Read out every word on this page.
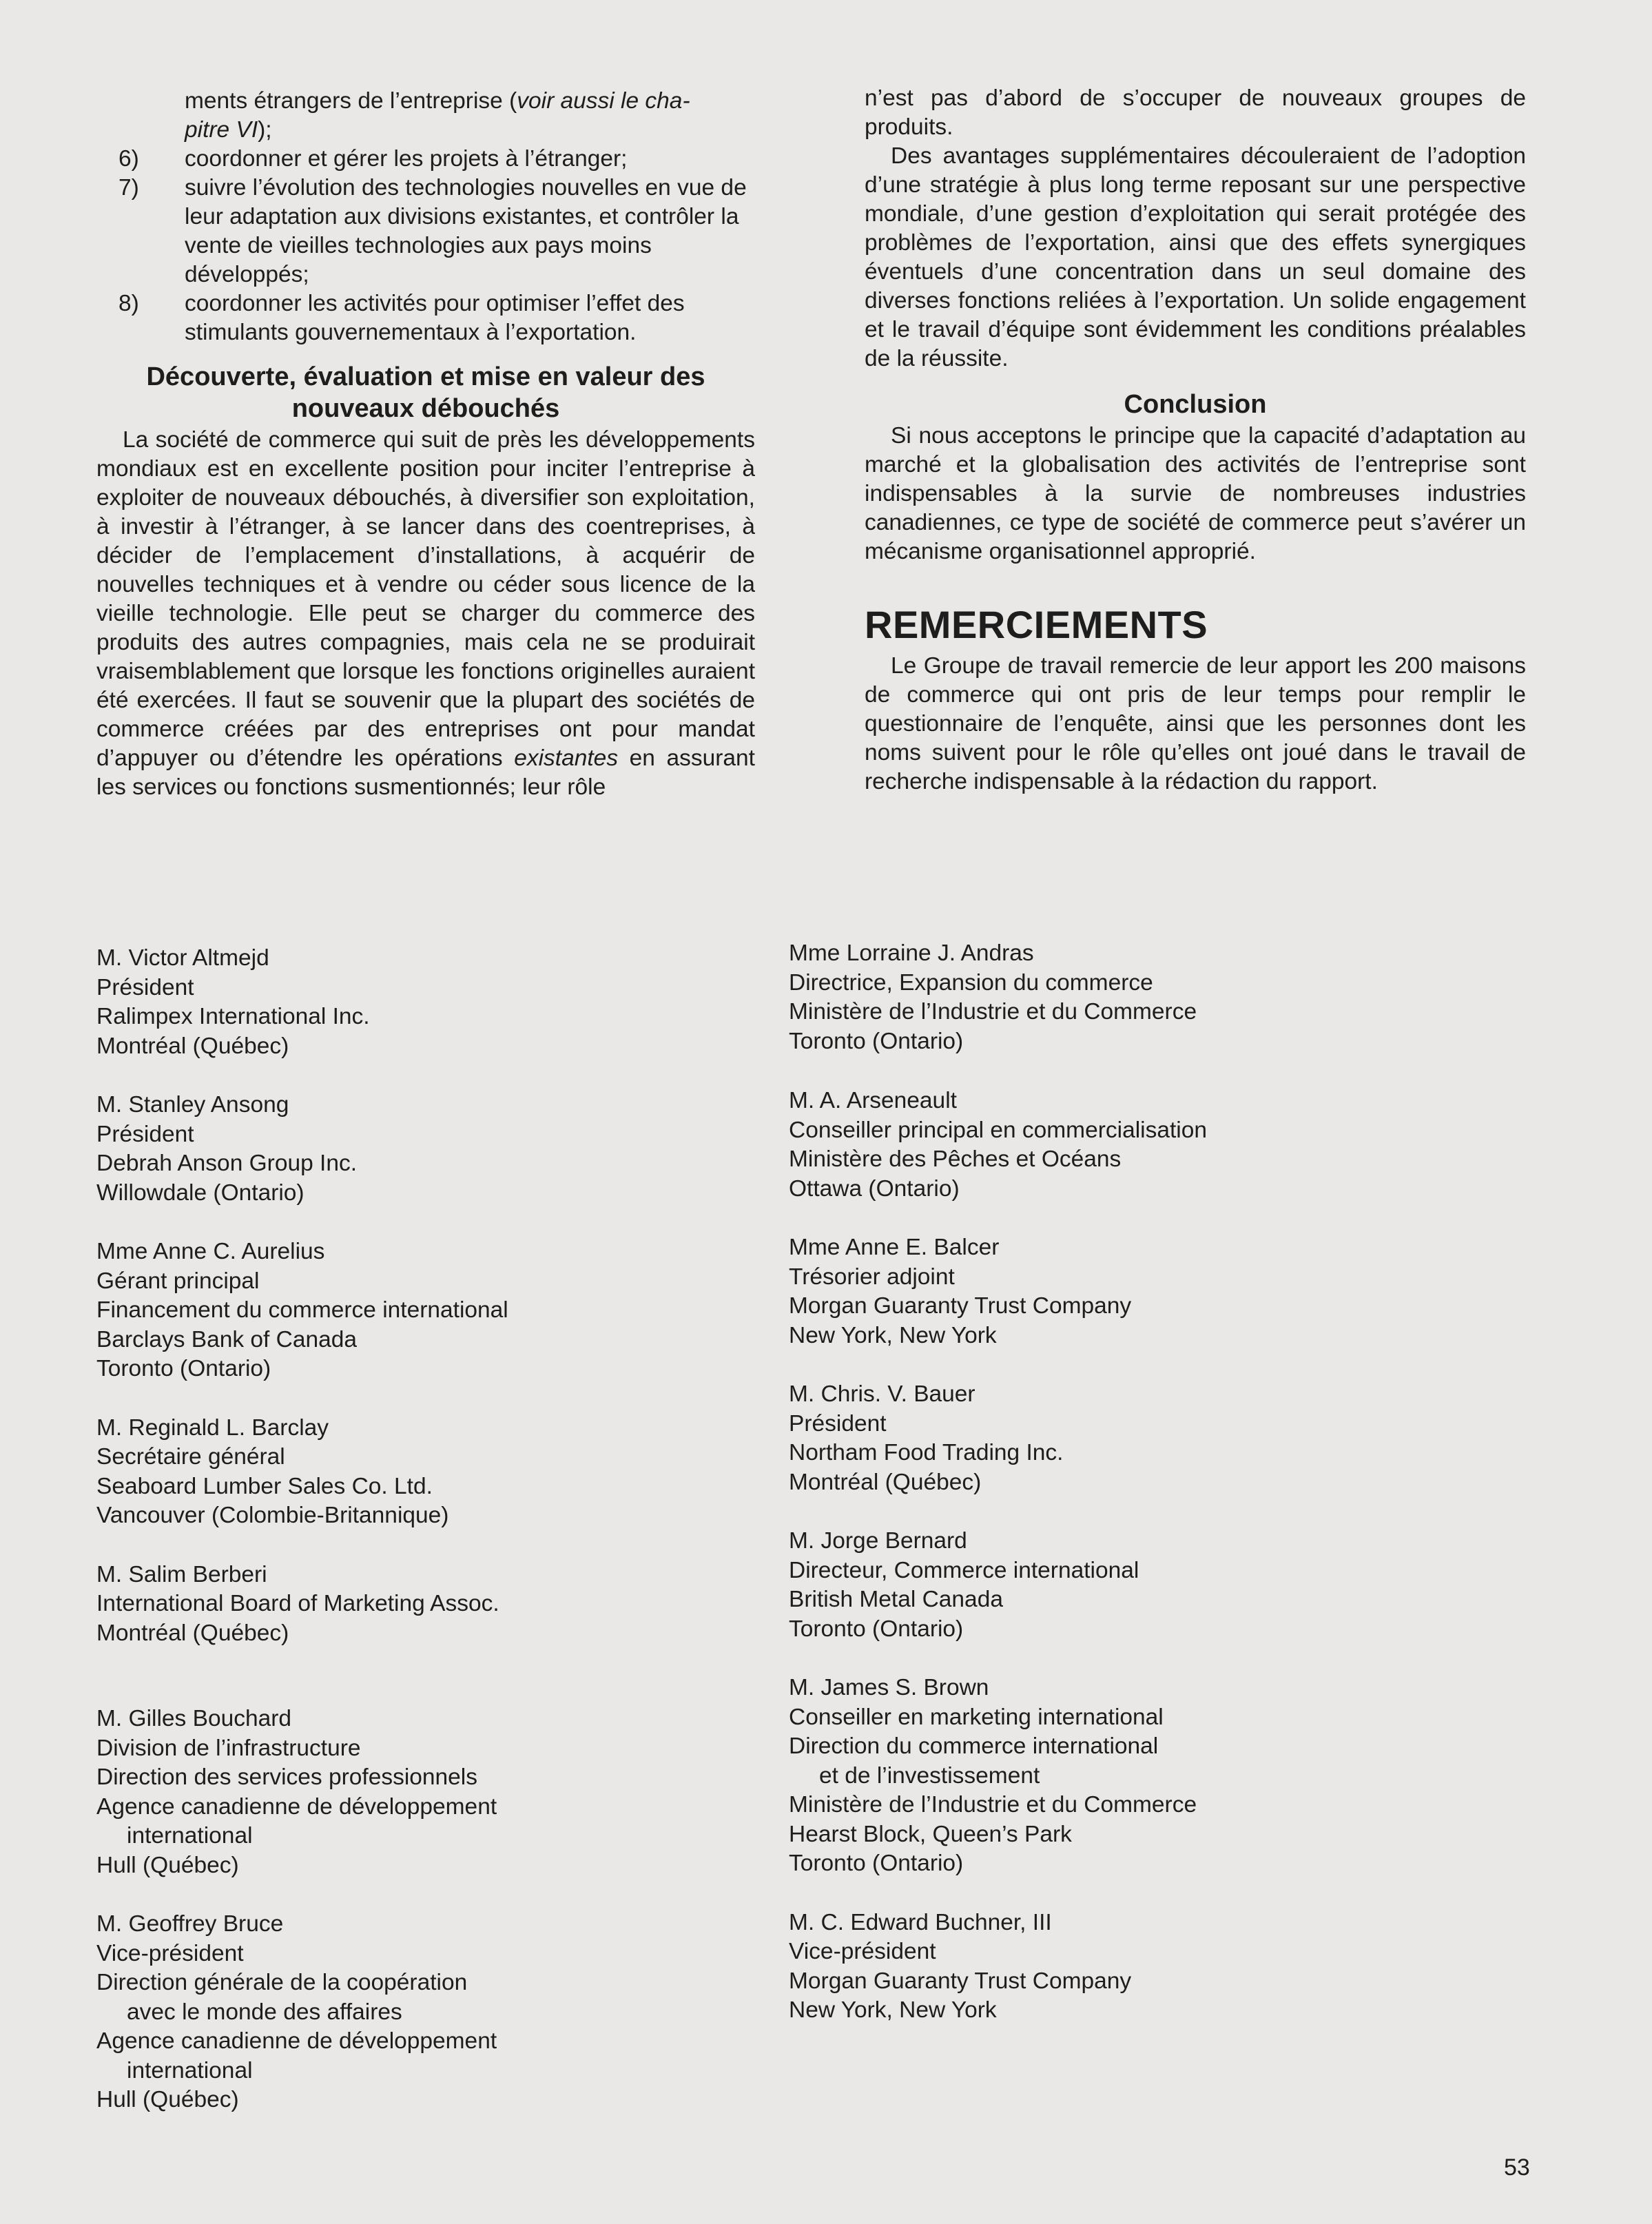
ments étrangers de l’entreprise (voir aussi le cha-
pitre VI);
6) coordonner et gérer les projets à l’étranger;
7) suivre l’évolution des technologies nouvelles en vue de leur adaptation aux divisions existantes, et contrôler la vente de vieilles technologies aux pays moins développés;
8) coordonner les activités pour optimiser l’effet des stimulants gouvernementaux à l’exportation.
Découverte, évaluation et mise en valeur des
nouveaux débouchés
La société de commerce qui suit de près les développements mondiaux est en excellente position pour inciter l’entreprise à exploiter de nouveaux débouchés, à diversifier son exploitation, à investir à l’étranger, à se lancer dans des coentreprises, à décider de l’emplacement d’installations, à acquérir de nouvelles techniques et à vendre ou céder sous licence de la vieille technologie. Elle peut se charger du commerce des produits des autres compagnies, mais cela ne se produirait vraisemblablement que lorsque les fonctions originelles auraient été exercées. Il faut se souvenir que la plupart des sociétés de commerce créées par des entreprises ont pour mandat d’appuyer ou d’étendre les opérations existantes en assurant les services ou fonctions susmentionnés; leur rôle
n’est pas d’abord de s’occuper de nouveaux groupes de produits.
Des avantages supplémentaires découleraient de l’adoption d’une stratégie à plus long terme reposant sur une perspective mondiale, d’une gestion d’exploitation qui serait protégée des problèmes de l’exportation, ainsi que des effets synergiques éventuels d’une concentration dans un seul domaine des diverses fonctions reliées à l’exportation. Un solide engagement et le travail d’équipe sont évidemment les conditions préalables de la réussite.
Conclusion
Si nous acceptons le principe que la capacité d’adaptation au marché et la globalisation des activités de l’entreprise sont indispensables à la survie de nombreuses industries canadiennes, ce type de société de commerce peut s’avérer un mécanisme organisationnel approprié.
REMERCIEMENTS
Le Groupe de travail remercie de leur apport les 200 maisons de commerce qui ont pris de leur temps pour remplir le questionnaire de l’enquête, ainsi que les personnes dont les noms suivent pour le rôle qu’elles ont joué dans le travail de recherche indispensable à la rédaction du rapport.
M. Victor Altmejd
Président
Ralimpex International Inc.
Montréal (Québec)
M. Stanley Ansong
Président
Debrah Anson Group Inc.
Willowdale (Ontario)
Mme Anne C. Aurelius
Gérant principal
Financement du commerce international
Barclays Bank of Canada
Toronto (Ontario)
M. Reginald L. Barclay
Secrétaire général
Seaboard Lumber Sales Co. Ltd.
Vancouver (Colombie-Britannique)
M. Salim Berberi
International Board of Marketing Assoc.
Montréal (Québec)
M. Gilles Bouchard
Division de l’infrastructure
Direction des services professionnels
Agence canadienne de développement
international
Hull (Québec)
M. Geoffrey Bruce
Vice-président
Direction générale de la coopération
avec le monde des affaires
Agence canadienne de développement
international
Hull (Québec)
Mme Lorraine J. Andras
Directrice, Expansion du commerce
Ministère de l’Industrie et du Commerce
Toronto (Ontario)
M. A. Arseneault
Conseiller principal en commercialisation
Ministère des Pêches et Océans
Ottawa (Ontario)
Mme Anne E. Balcer
Trésorier adjoint
Morgan Guaranty Trust Company
New York, New York
M. Chris. V. Bauer
Président
Northam Food Trading Inc.
Montréal (Québec)
M. Jorge Bernard
Directeur, Commerce international
British Metal Canada
Toronto (Ontario)
M. James S. Brown
Conseiller en marketing international
Direction du commerce international
et de l’investissement
Ministère de l’Industrie et du Commerce
Hearst Block, Queen’s Park
Toronto (Ontario)
M. C. Edward Buchner, III
Vice-président
Morgan Guaranty Trust Company
New York, New York
53
